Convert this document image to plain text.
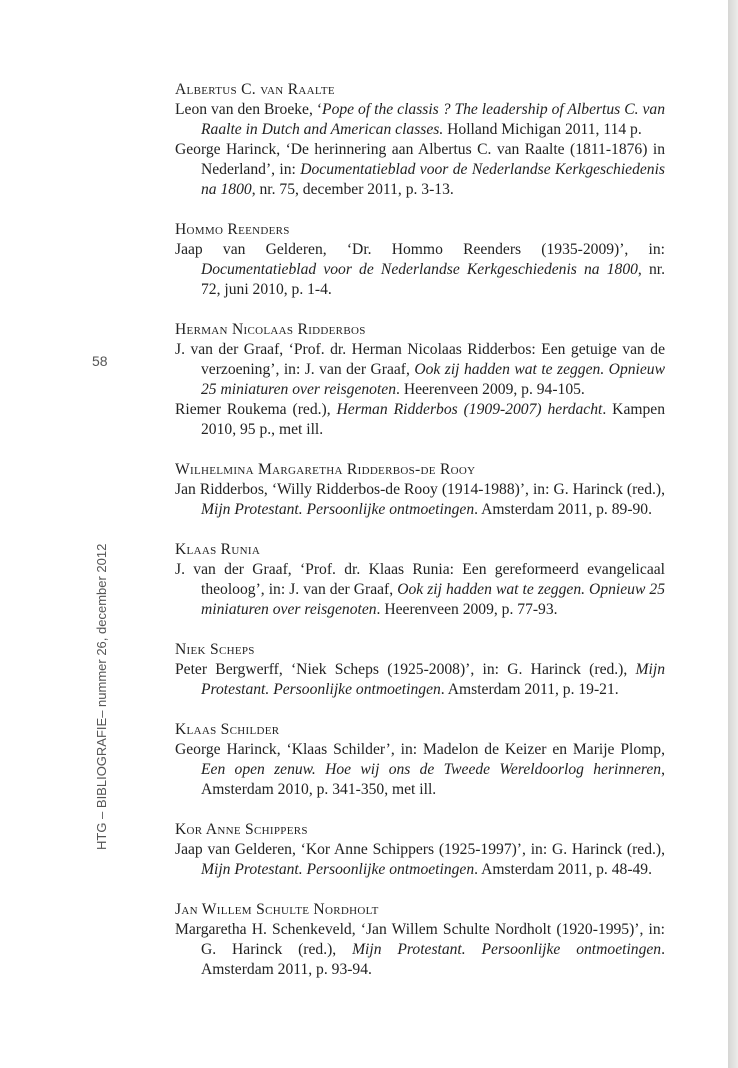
58
HTG – BIBLIOGRAFIE– nummer 26, december 2012
Albertus C. van Raalte
Leon van den Broeke, ‘Pope of the classis ? The leadership of Albertus C. van Raalte in Dutch and American classes. Holland Michigan 2011, 114 p.
George Harinck, ‘De herinnering aan Albertus C. van Raalte (1811-1876) in Nederland’, in: Documentatieblad voor de Nederlandse Kerkgeschiedenis na 1800, nr. 75, december 2011, p. 3-13.
Hommo Reenders
Jaap van Gelderen, ‘Dr. Hommo Reenders (1935-2009)’, in: Documentatieblad voor de Nederlandse Kerkgeschiedenis na 1800, nr. 72, juni 2010, p. 1-4.
Herman Nicolaas Ridderbos
J. van der Graaf, ‘Prof. dr. Herman Nicolaas Ridderbos: Een getuige van de verzoening’, in: J. van der Graaf, Ook zij hadden wat te zeggen. Opnieuw 25 miniaturen over reisgenoten. Heerenveen 2009, p. 94-105.
Riemer Roukema (red.), Herman Ridderbos (1909-2007) herdacht. Kampen 2010, 95 p., met ill.
Wilhelmina Margaretha Ridderbos-de Rooy
Jan Ridderbos, ‘Willy Ridderbos-de Rooy (1914-1988)’, in: G. Harinck (red.), Mijn Protestant. Persoonlijke ontmoetingen. Amsterdam 2011, p. 89-90.
Klaas Runia
J. van der Graaf, ‘Prof. dr. Klaas Runia: Een gereformeerd evangelicaal theoloog’, in: J. van der Graaf, Ook zij hadden wat te zeggen. Opnieuw 25 miniaturen over reisgenoten. Heerenveen 2009, p. 77-93.
Niek Scheps
Peter Bergwerff, ‘Niek Scheps (1925-2008)’, in: G. Harinck (red.), Mijn Protestant. Persoonlijke ontmoetingen. Amsterdam 2011, p. 19-21.
Klaas Schilder
George Harinck, ‘Klaas Schilder’, in: Madelon de Keizer en Marije Plomp, Een open zenuw. Hoe wij ons de Tweede Wereldoorlog herinneren, Amsterdam 2010, p. 341-350, met ill.
Kor Anne Schippers
Jaap van Gelderen, ‘Kor Anne Schippers (1925-1997)’, in: G. Harinck (red.), Mijn Protestant. Persoonlijke ontmoetingen. Amsterdam 2011, p. 48-49.
Jan Willem Schulte Nordholt
Margaretha H. Schenkeveld, ‘Jan Willem Schulte Nordholt (1920-1995)’, in: G. Harinck (red.), Mijn Protestant. Persoonlijke ontmoetingen. Amsterdam 2011, p. 93-94.
